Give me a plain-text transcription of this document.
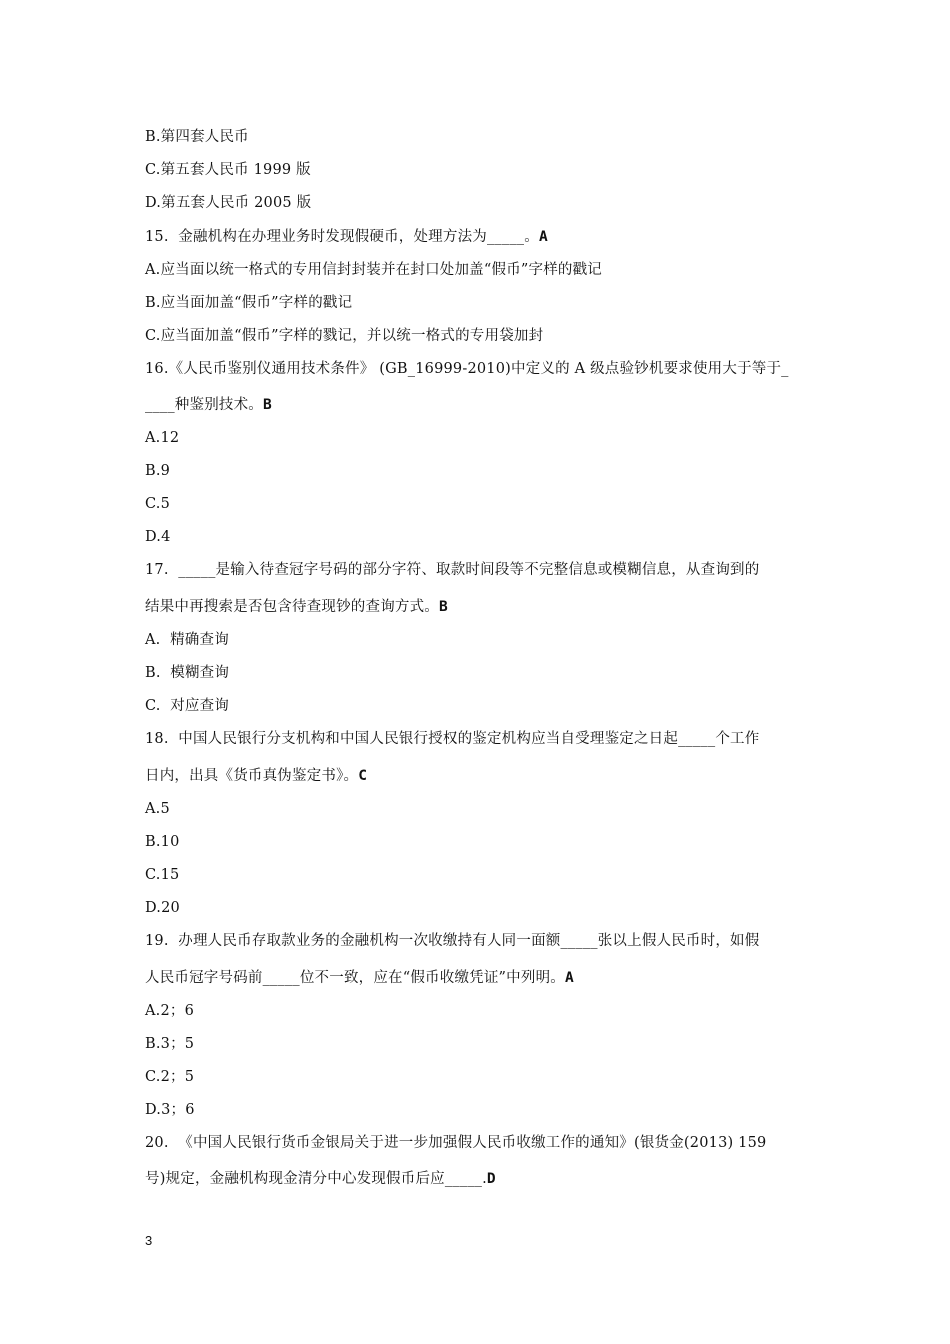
B.第四套人民币
C.第五套人民币 1999 版
D.第五套人民币 2005 版
15.  金融机构在办理业务时发现假硬币，处理方法为_____。A
A.应当面以统一格式的专用信封封装并在封口处加盖“假币”字样的戳记
B.应当面加盖“假币”字样的戳记
C.应当面加盖“假币”字样的戮记，并以统一格式的专用袋加封
16.《人民币鉴别仪通用技术条件》 (GB_16999-2010)中定义的 A 级点验钞机要求使用大于等于_
____种鉴别技术。B
A.12
B.9
C.5
D.4
17.  _____是输入待查冠字号码的部分字符、取款时间段等不完整信息或模糊信息，从查询到的
结果中再搜索是否包含待查现钞的查询方式。B
A.  精确查询
B.  模糊查询
C.  对应查询
18.  中国人民银行分支机构和中国人民银行授权的鉴定机构应当自受理鉴定之日起_____个工作
日内，出具《货币真伪鉴定书》。C
A.5
B.10
C.15
D.20
19.  办理人民币存取款业务的金融机构一次收缴持有人同一面额_____张以上假人民币时，如假
人民币冠字号码前_____位不一致，应在“假币收缴凭证”中列明。A
A.2；6
B.3；5
C.2；5
D.3；6
20.  《中国人民银行货币金银局关于进一步加强假人民币收缴工作的通知》(银货金(2013) 159
号)规定，金融机构现金清分中心发现假币后应_____.D
3
